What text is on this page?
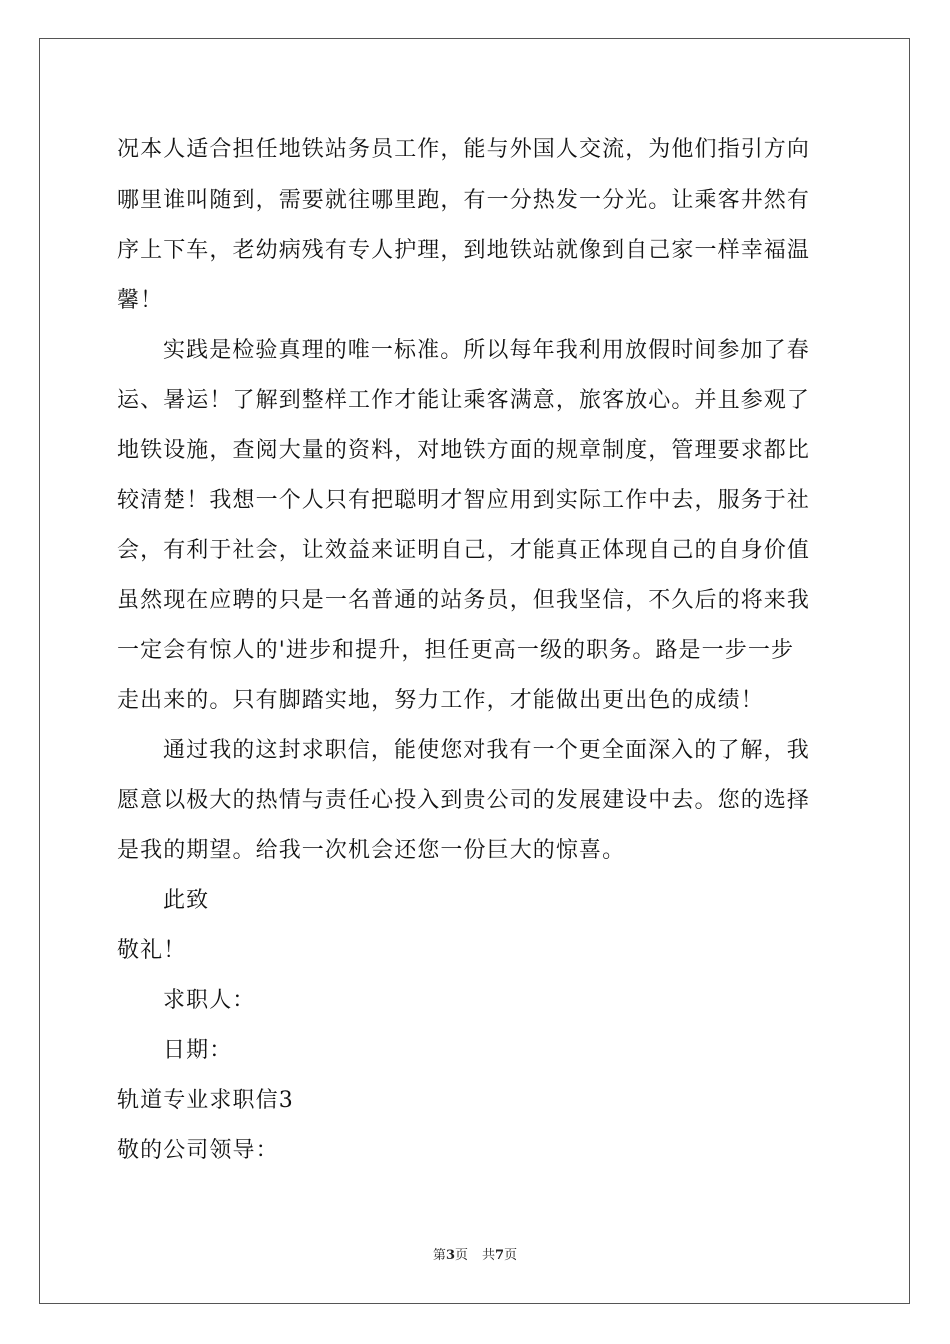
况本人适合担任地铁站务员工作，能与外国人交流，为他们指引方向
哪里谁叫随到，需要就往哪里跑，有一分热发一分光。让乘客井然有
序上下车，老幼病残有专人护理，到地铁站就像到自己家一样幸福温
馨！
实践是检验真理的唯一标准。所以每年我利用放假时间参加了春
运、暑运！了解到整样工作才能让乘客满意，旅客放心。并且参观了
地铁设施，查阅大量的资料，对地铁方面的规章制度，管理要求都比
较清楚！我想一个人只有把聪明才智应用到实际工作中去，服务于社
会，有利于社会，让效益来证明自己，才能真正体现自己的自身价值
虽然现在应聘的只是一名普通的站务员，但我坚信，不久后的将来我
一定会有惊人的'进步和提升，担任更高一级的职务。路是一步一步
走出来的。只有脚踏实地，努力工作，才能做出更出色的成绩！
通过我的这封求职信，能使您对我有一个更全面深入的了解，我
愿意以极大的热情与责任心投入到贵公司的发展建设中去。您的选择
是我的期望。给我一次机会还您一份巨大的惊喜。
此致
敬礼！
求职人：
日期：
轨道专业求职信3
敬的公司领导：
第3页 共7页
